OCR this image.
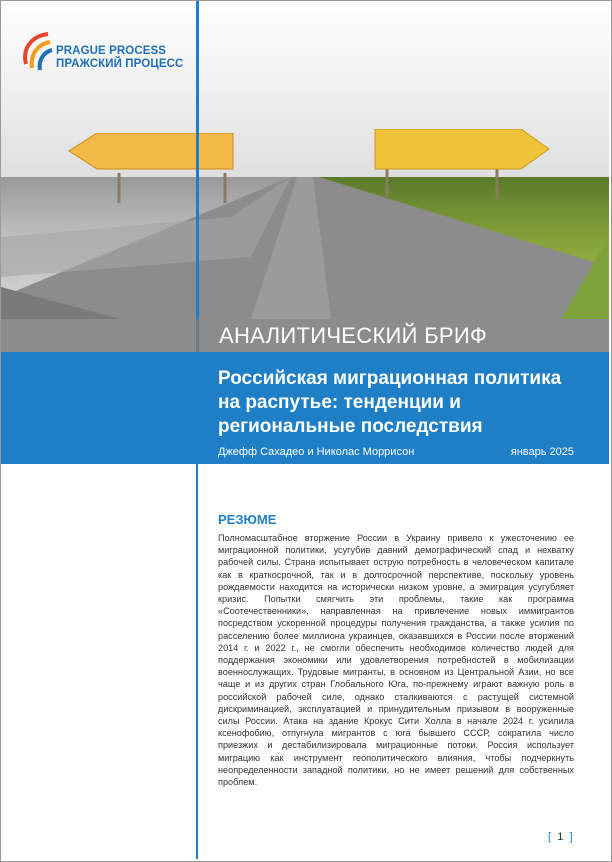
PRAGUE PROCESS
ПРАЖСКИЙ ПРОЦЕСС
АНАЛИТИЧЕСКИЙ БРИФ
Российская миграционная политика
на распутье: тенденции и
региональные последствия
Джефф Сахадео и Николас Моррисон	январь 2025
РЕЗЮМЕ
Полномасштабное вторжение России в Украину привело к ужесточению ее миграционной политики, усугубив давний демографический спад и нехватку рабочей силы. Страна испытывает острую потребность в человеческом капитале как в краткосрочной, так и в долгосрочной перспективе, поскольку уровень рождаемости находится на исторически низком уровне, а эмиграция усугубляет кризис. Попытки смягчить эти проблемы, такие как программа «Соотечественники», направленная на привлечение новых иммигрантов посредством ускоренной процедуры получения гражданства, а также усилия по расселению более миллиона украинцев, оказавшихся в России после вторжений 2014 г. и 2022 г., не смогли обеспечить необходимое количество людей для поддержания экономики или удовлетворения потребностей в мобилизации военнослужащих. Трудовые мигранты, в основном из Центральной Азии, но все чаще и из других стран Глобального Юга, по-прежнему играют важную роль в российской рабочей силе, однако сталкиваются с растущей системной дискриминацией, эксплуатацией и принудительным призывом в вооруженные силы России. Атака на здание Крокус Сити Холла в начале 2024 г. усилила ксенофобию, отпугнула мигрантов с юга бывшего СССР, сократила число приезжих и дестабилизировала миграционные потоки. Россия использует миграцию как инструмент геополитического влияния, чтобы подчеркнуть неопределенности западной политики, но не имеет решений для собственных проблем.
[ 1 ]
